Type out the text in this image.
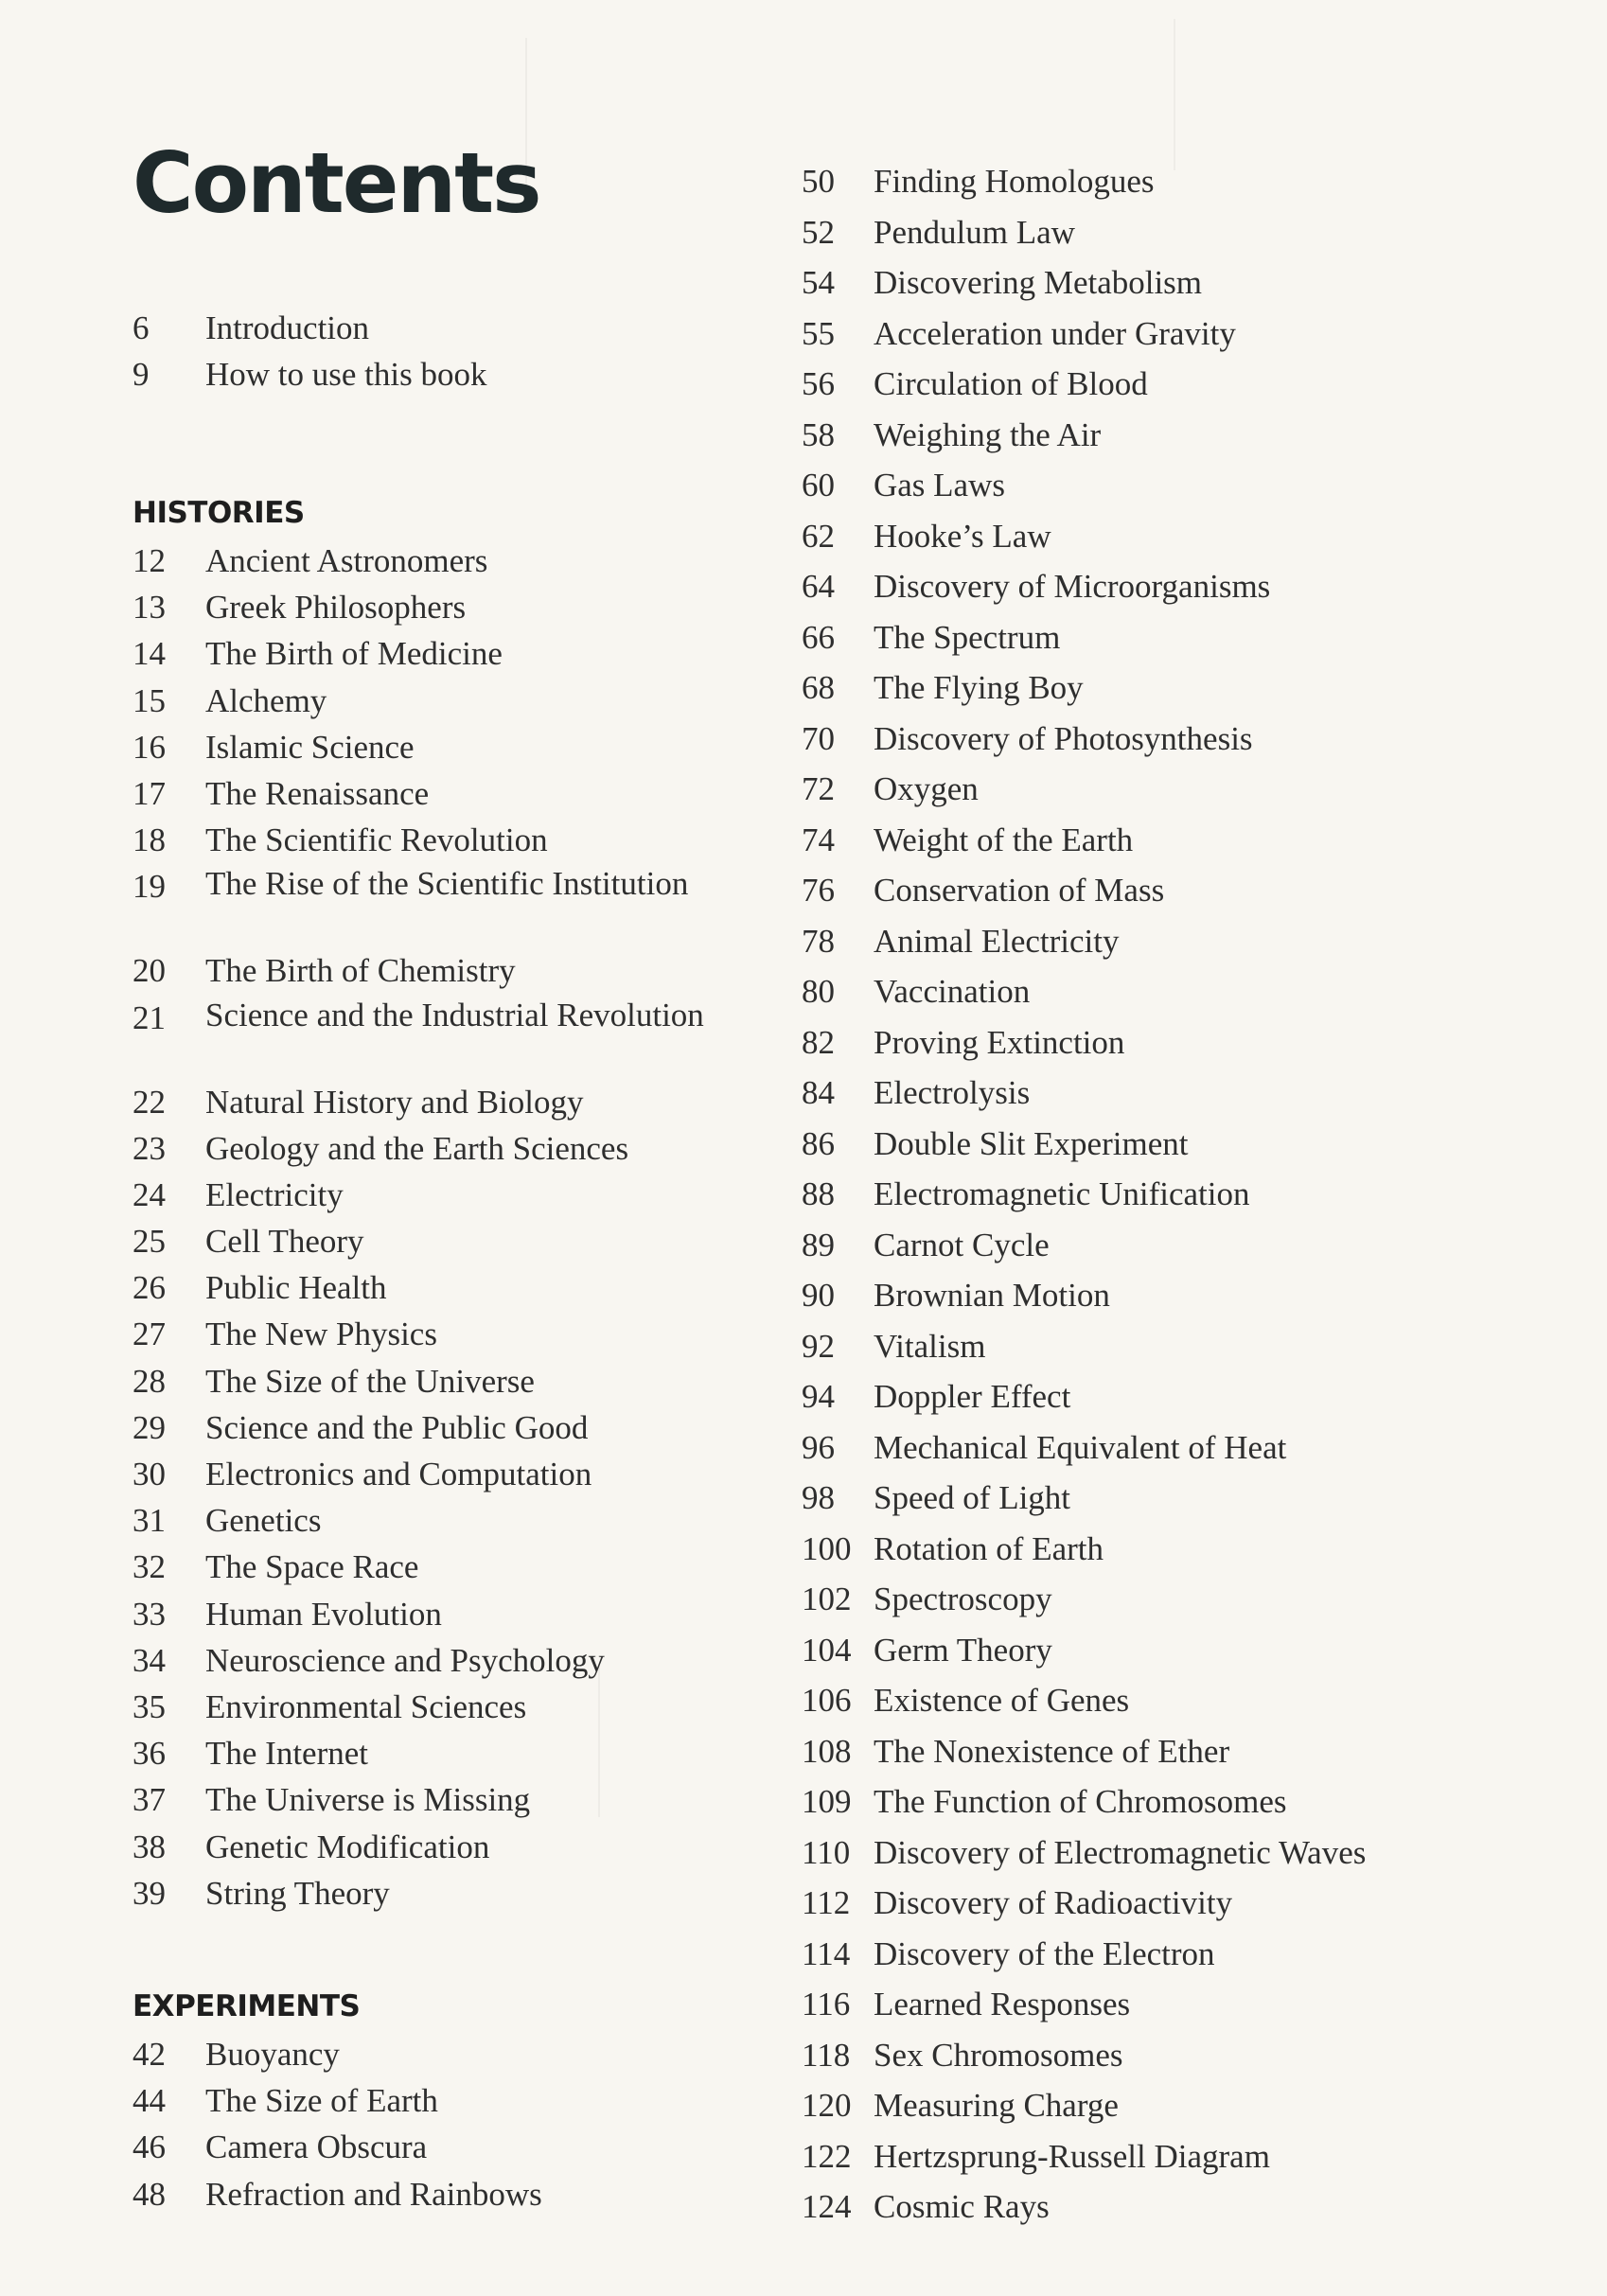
Contents
6	Introduction
9	How to use this book
HISTORIES
12	Ancient Astronomers
13	Greek Philosophers
14	The Birth of Medicine
15	Alchemy
16	Islamic Science
17	The Renaissance
18	The Scientific Revolution
19	The Rise of the Scientific Institution
20	The Birth of Chemistry
21	Science and the Industrial Revolution
22	Natural History and Biology
23	Geology and the Earth Sciences
24	Electricity
25	Cell Theory
26	Public Health
27	The New Physics
28	The Size of the Universe
29	Science and the Public Good
30	Electronics and Computation
31	Genetics
32	The Space Race
33	Human Evolution
34	Neuroscience and Psychology
35	Environmental Sciences
36	The Internet
37	The Universe is Missing
38	Genetic Modification
39	String Theory
EXPERIMENTS
42	Buoyancy
44	The Size of Earth
46	Camera Obscura
48	Refraction and Rainbows
50	Finding Homologues
52	Pendulum Law
54	Discovering Metabolism
55	Acceleration under Gravity
56	Circulation of Blood
58	Weighing the Air
60	Gas Laws
62	Hooke’s Law
64	Discovery of Microorganisms
66	The Spectrum
68	The Flying Boy
70	Discovery of Photosynthesis
72	Oxygen
74	Weight of the Earth
76	Conservation of Mass
78	Animal Electricity
80	Vaccination
82	Proving Extinction
84	Electrolysis
86	Double Slit Experiment
88	Electromagnetic Unification
89	Carnot Cycle
90	Brownian Motion
92	Vitalism
94	Doppler Effect
96	Mechanical Equivalent of Heat
98	Speed of Light
100 Rotation of Earth
102 Spectroscopy
104 Germ Theory
106 Existence of Genes
108 The Nonexistence of Ether
109 The Function of Chromosomes
110 Discovery of Electromagnetic Waves
112 Discovery of Radioactivity
114 Discovery of the Electron
116 Learned Responses
118 Sex Chromosomes
120 Measuring Charge
122 Hertzsprung-Russell Diagram
124 Cosmic Rays
